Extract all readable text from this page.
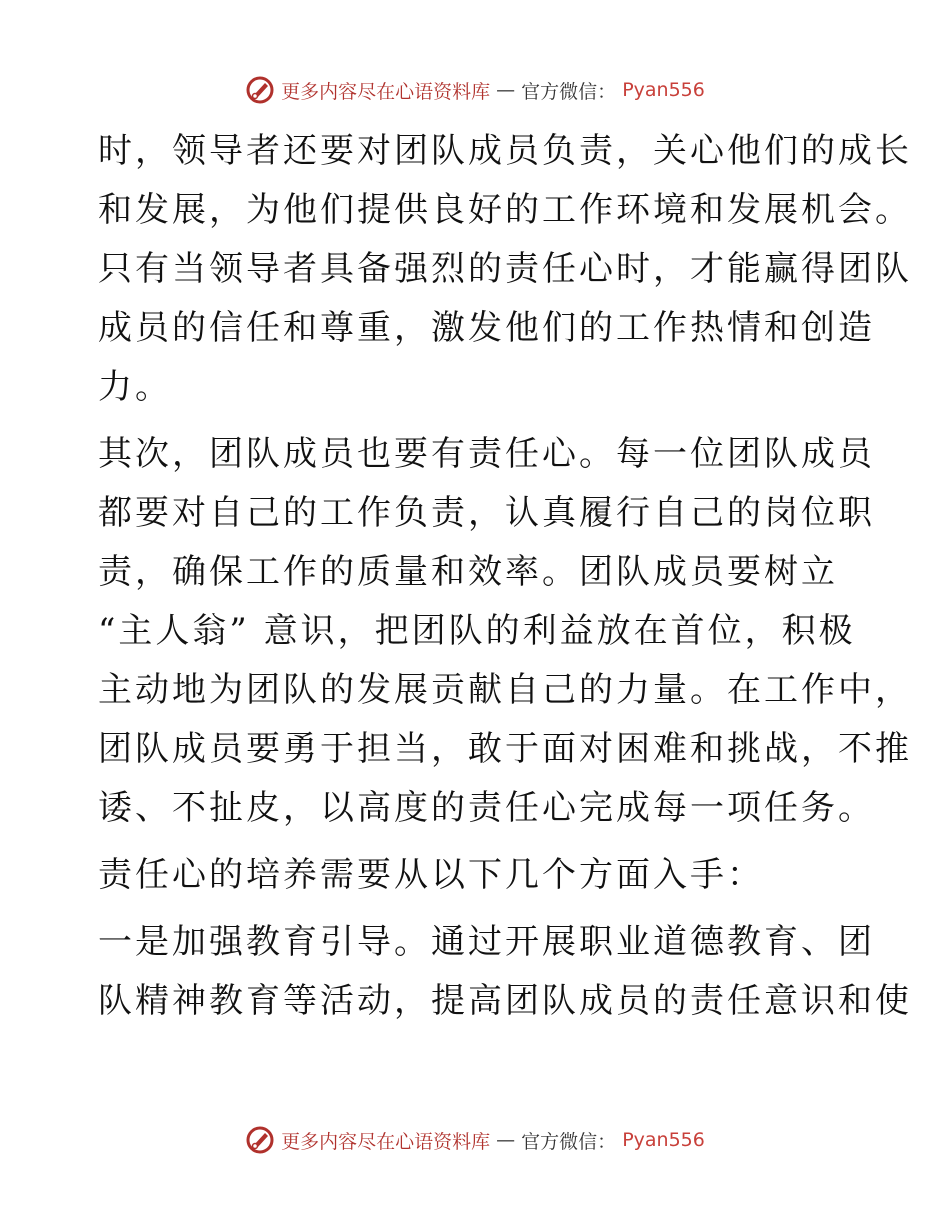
更多内容尽在心语资料库 — 官方微信： Pyan556

时，领导者还要对团队成员负责，关心他们的成长
和发展，为他们提供良好的工作环境和发展机会。
只有当领导者具备强烈的责任心时，才能赢得团队
成员的信任和尊重，激发他们的工作热情和创造
力。

其次，团队成员也要有责任心。每一位团队成员
都要对自己的工作负责，认真履行自己的岗位职
责，确保工作的质量和效率。团队成员要树立
“主人翁” 意识，把团队的利益放在首位，积极
主动地为团队的发展贡献自己的力量。在工作中，
团队成员要勇于担当，敢于面对困难和挑战，不推
诿、不扯皮，以高度的责任心完成每一项任务。

责任心的培养需要从以下几个方面入手：

一是加强教育引导。通过开展职业道德教育、团
队精神教育等活动，提高团队成员的责任意识和使

更多内容尽在心语资料库 — 官方微信： Pyan556
